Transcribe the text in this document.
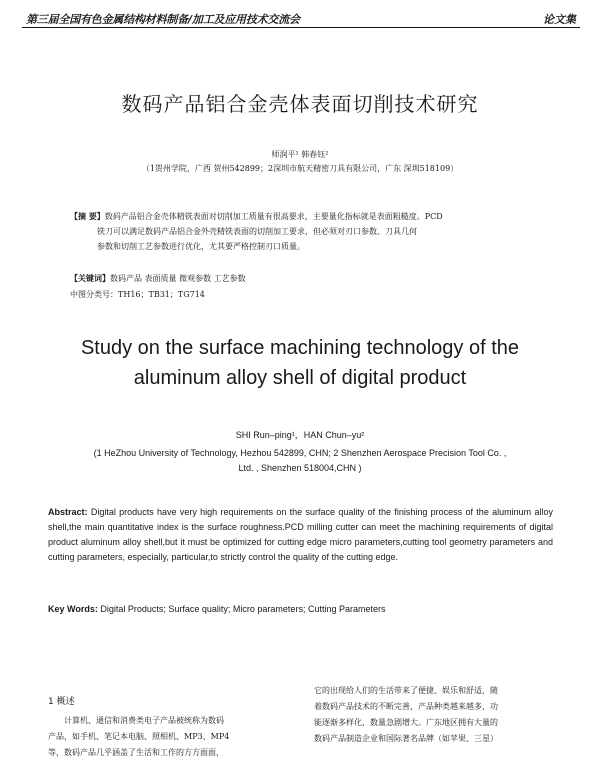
第三届全国有色金属结构材料制备/加工及应用技术交流会	论文集
数码产品铝合金壳体表面切削技术研究
师润平¹ 韩春钰²
（1贺州学院，广西 贺州542899；2深圳市航天精密刀具有限公司，广东 深圳518109）
【摘 要】数码产品铝合金壳体精铣表面对切削加工质量有很高要求，主要量化指标就是表面粗糙度。PCD
铣刀可以满足数码产品铝合金外壳精铣表面的切削加工要求，但必须对刃口参数、刀具几何
参数和切削工艺参数进行优化，尤其要严格控制刃口质量。
【关键词】数码产品 表面质量 微观参数 工艺参数
中图分类号：TH16；TB31；TG714
Study on the surface machining technology of the
aluminum alloy shell of digital product
SHI Run–ping¹，HAN Chun–yu²
(1 HeZhou University of Technology, Hezhou 542899, CHN; 2 Shenzhen Aerospace Precision Tool Co. ,
Ltd. , Shenzhen 518004,CHN )
Abstract: Digital products have very high requirements on the surface quality of the finishing process of the aluminum alloy shell,the main quantitative index is the surface roughness.PCD milling cutter can meet the machining requirements of digital product aluminum alloy shell,but it must be optimized for cutting edge micro parameters,cutting tool geometry parameters and cutting parameters, especially, particular,to strictly control the quality of the cutting edge.
Key Words: Digital Products; Surface quality; Micro parameters; Cutting Parameters
1 概述
计算机、通信和消费类电子产品被统称为数码
产品，如手机、笔记本电脑、照相机、MP3、MP4
等，数码产品几乎涵盖了生活和工作的方方面面，
它的出现给人们的生活带来了便捷、娱乐和舒适，随
着数码产品技术的不断完善，产品种类越来越多，功
能逐渐多样化，数量急剧增大。广东地区拥有大量的
数码产品制造企业和国际著名品牌（如苹果、三星）
